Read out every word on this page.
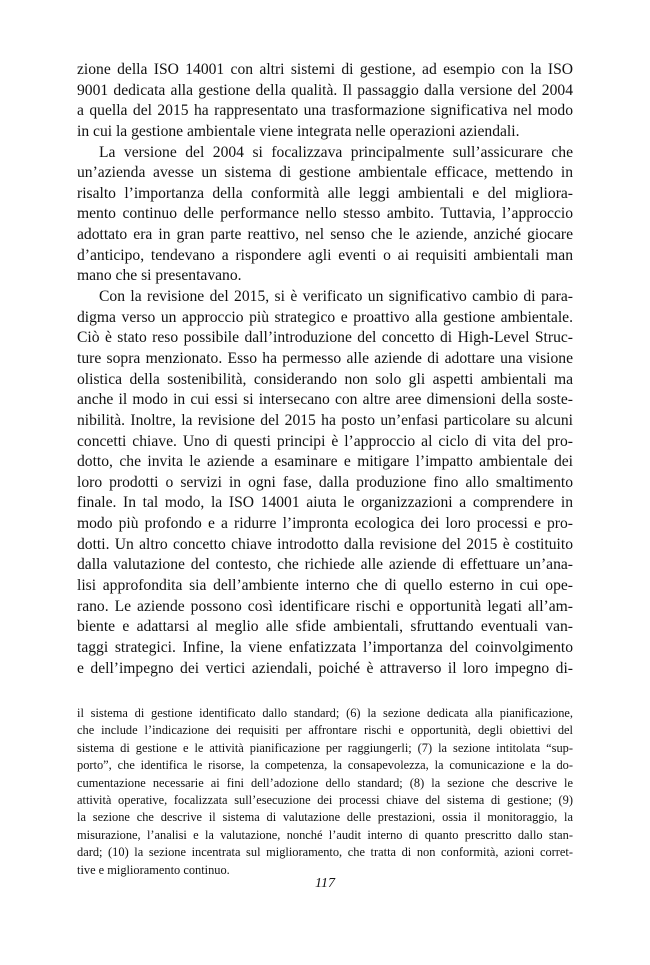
zione della ISO 14001 con altri sistemi di gestione, ad esempio con la ISO
9001 dedicata alla gestione della qualità. Il passaggio dalla versione del 2004
a quella del 2015 ha rappresentato una trasformazione significativa nel modo
in cui la gestione ambientale viene integrata nelle operazioni aziendali.
La versione del 2004 si focalizzava principalmente sull’assicurare che
un’azienda avesse un sistema di gestione ambientale efficace, mettendo in
risalto l’importanza della conformità alle leggi ambientali e del migliora-
mento continuo delle performance nello stesso ambito. Tuttavia, l’approccio
adottato era in gran parte reattivo, nel senso che le aziende, anziché giocare
d’anticipo, tendevano a rispondere agli eventi o ai requisiti ambientali man
mano che si presentavano.
Con la revisione del 2015, si è verificato un significativo cambio di para-
digma verso un approccio più strategico e proattivo alla gestione ambientale.
Ciò è stato reso possibile dall’introduzione del concetto di High-Level Struc-
ture sopra menzionato. Esso ha permesso alle aziende di adottare una visione
olistica della sostenibilità, considerando non solo gli aspetti ambientali ma
anche il modo in cui essi si intersecano con altre aree dimensioni della soste-
nibilità. Inoltre, la revisione del 2015 ha posto un’enfasi particolare su alcuni
concetti chiave. Uno di questi principi è l’approccio al ciclo di vita del pro-
dotto, che invita le aziende a esaminare e mitigare l’impatto ambientale dei
loro prodotti o servizi in ogni fase, dalla produzione fino allo smaltimento
finale. In tal modo, la ISO 14001 aiuta le organizzazioni a comprendere in
modo più profondo e a ridurre l’impronta ecologica dei loro processi e pro-
dotti. Un altro concetto chiave introdotto dalla revisione del 2015 è costituito
dalla valutazione del contesto, che richiede alle aziende di effettuare un’ana-
lisi approfondita sia dell’ambiente interno che di quello esterno in cui ope-
rano. Le aziende possono così identificare rischi e opportunità legati all’am-
biente e adattarsi al meglio alle sfide ambientali, sfruttando eventuali van-
taggi strategici. Infine, la viene enfatizzata l’importanza del coinvolgimento
e dell’impegno dei vertici aziendali, poiché è attraverso il loro impegno di-
il sistema di gestione identificato dallo standard; (6) la sezione dedicata alla pianificazione,
che include l’indicazione dei requisiti per affrontare rischi e opportunità, degli obiettivi del
sistema di gestione e le attività pianificazione per raggiungerli; (7) la sezione intitolata “sup-
porto”, che identifica le risorse, la competenza, la consapevolezza, la comunicazione e la do-
cumentazione necessarie ai fini dell’adozione dello standard; (8) la sezione che descrive le
attività operative, focalizzata sull’esecuzione dei processi chiave del sistema di gestione; (9)
la sezione che descrive il sistema di valutazione delle prestazioni, ossia il monitoraggio, la
misurazione, l’analisi e la valutazione, nonché l’audit interno di quanto prescritto dallo stan-
dard; (10) la sezione incentrata sul miglioramento, che tratta di non conformità, azioni corret-
tive e miglioramento continuo.
117
